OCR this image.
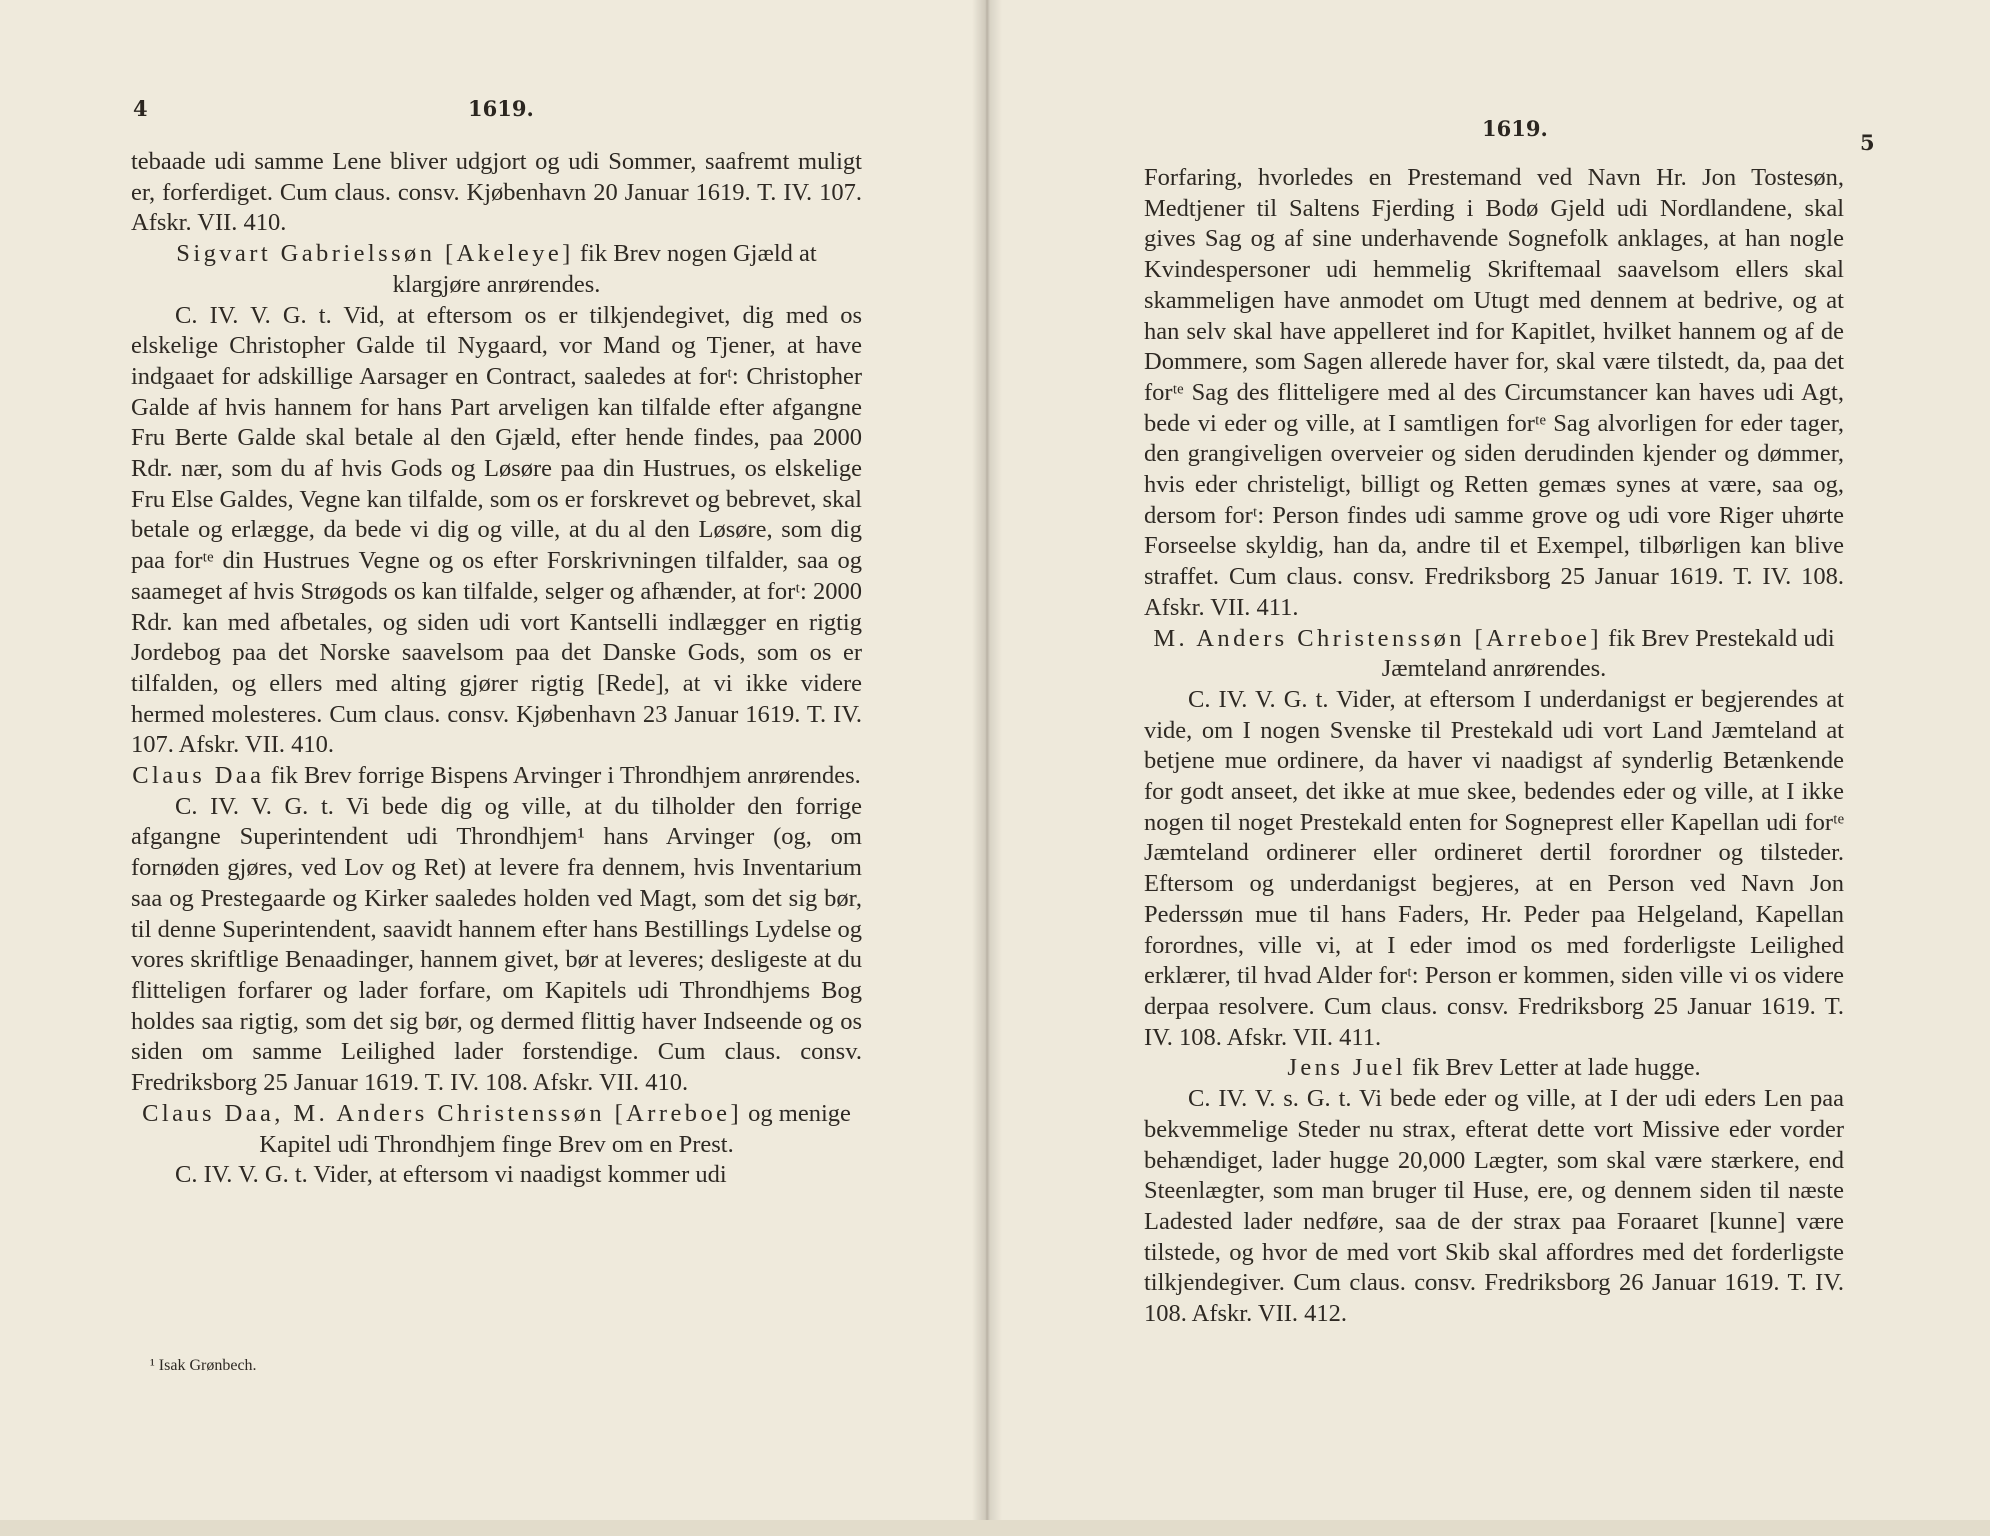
4	1619.

tebaade udi samme Lene bliver udgjort og udi Sommer, saafremt muligt er, forferdiget. Cum claus. consv. Kjøbenhavn 20 Januar 1619. T. IV. 107. Afskr. VII. 410.

Sigvart Gabrielssøn [Akeleye] fik Brev nogen Gjæld at klargjøre anrørendes.

C. IV. V. G. t. Vid, at eftersom os er tilkjendegivet, dig med os elskelige Christopher Galde til Nygaard, vor Mand og Tjener, at have indgaaet for adskillige Aarsager en Contract, saaledes at forᵗ: Christopher Galde af hvis hannem for hans Part arveligen kan tilfalde efter afgangne Fru Berte Galde skal betale al den Gjæld, efter hende findes, paa 2000 Rdr. nær, som du af hvis Gods og Løsøre paa din Hustrues, os elskelige Fru Else Galdes, Vegne kan tilfalde, som os er forskrevet og bebrevet, skal betale og erlægge, da bede vi dig og ville, at du al den Løsøre, som dig paa forᵗᵉ din Hustrues Vegne og os efter Forskrivningen tilfalder, saa og saameget af hvis Strøgods os kan tilfalde, selger og afhænder, at forᵗ: 2000 Rdr. kan med afbetales, og siden udi vort Kantselli indlægger en rigtig Jordebog paa det Norske saavelsom paa det Danske Gods, som os er tilfalden, og ellers med alting gjører rigtig [Rede], at vi ikke videre hermed molesteres. Cum claus. consv. Kjøbenhavn 23 Januar 1619. T. IV. 107. Afskr. VII. 410.

Claus Daa fik Brev forrige Bispens Arvinger i Throndhjem anrørendes.

C. IV. V. G. t. Vi bede dig og ville, at du tilholder den forrige afgangne Superintendent udi Throndhjem¹ hans Arvinger (og, om fornøden gjøres, ved Lov og Ret) at levere fra dennem, hvis Inventarium saa og Prestegaarde og Kirker saaledes holden ved Magt, som det sig bør, til denne Superintendent, saavidt hannem efter hans Bestillings Lydelse og vores skriftlige Benaadinger, hannem givet, bør at leveres; desligeste at du flitteligen forfarer og lader forfare, om Kapitels udi Throndhjems Bog holdes saa rigtig, som det sig bør, og dermed flittig haver Indseende og os siden om samme Leilighed lader forstendige. Cum claus. consv. Fredriksborg 25 Januar 1619. T. IV. 108. Afskr. VII. 410.

Claus Daa, M. Anders Christenssøn [Arreboe] og menige Kapitel udi Throndhjem finge Brev om en Prest.

C. IV. V. G. t. Vider, at eftersom vi naadigst kommer udi

¹ Isak Grønbech.
1619.
5

Forfaring, hvorledes en Prestemand ved Navn Hr. Jon Tostesøn, Medtjener til Saltens Fjerding i Bodø Gjeld udi Nordlandene, skal gives Sag og af sine underhavende Sognefolk anklages, at han nogle Kvindespersoner udi hemmelig Skriftemaal saavelsom ellers skal skammeligen have anmodet om Utugt med dennem at bedrive, og at han selv skal have appelleret ind for Kapitlet, hvilket hannem og af de Dommere, som Sagen allerede haver for, skal være tilstedt, da, paa det forᵗᵉ Sag des flitteligere med al des Circumstancer kan haves udi Agt, bede vi eder og ville, at I samtligen forᵗᵉ Sag alvorligen for eder tager, den grangiveligen overveier og siden derudinden kjender og dømmer, hvis eder christeligt, billigt og Retten gemæs synes at være, saa og, dersom forᵗ: Person findes udi samme grove og udi vore Riger uhørte Forseelse skyldig, han da, andre til et Exempel, tilbørligen kan blive straffet. Cum claus. consv. Fredriksborg 25 Januar 1619. T. IV. 108. Afskr. VII. 411.

M. Anders Christenssøn [Arreboe] fik Brev Prestekald udi Jæmteland anrørendes.

C. IV. V. G. t. Vider, at eftersom I underdanigst er begjerendes at vide, om I nogen Svenske til Prestekald udi vort Land Jæmteland at betjene mue ordinere, da haver vi naadigst af synderlig Betænkende for godt anseet, det ikke at mue skee, bedendes eder og ville, at I ikke nogen til noget Prestekald enten for Sogneprest eller Kapellan udi forᵗᵉ Jæmteland ordinerer eller ordineret dertil forordner og tilsteder. Eftersom og underdanigst begjeres, at en Person ved Navn Jon Pederssøn mue til hans Faders, Hr. Peder paa Helgeland, Kapellan forordnes, ville vi, at I eder imod os med forderligste Leilighed erklærer, til hvad Alder forᵗ: Person er kommen, siden ville vi os videre derpaa resolvere. Cum claus. consv. Fredriksborg 25 Januar 1619. T. IV. 108. Afskr. VII. 411.

Jens Juel fik Brev Letter at lade hugge.

C. IV. V. s. G. t. Vi bede eder og ville, at I der udi eders Len paa bekvemmelige Steder nu strax, efterat dette vort Missive eder vorder behændiget, lader hugge 20,000 Lægter, som skal være stærkere, end Steenlægter, som man bruger til Huse, ere, og dennem siden til næste Ladested lader nedføre, saa de der strax paa Foraaret [kunne] være tilstede, og hvor de med vort Skib skal affordres med det forderligste tilkjendegiver. Cum claus. consv. Fredriksborg 26 Januar 1619. T. IV. 108. Afskr. VII. 412.
